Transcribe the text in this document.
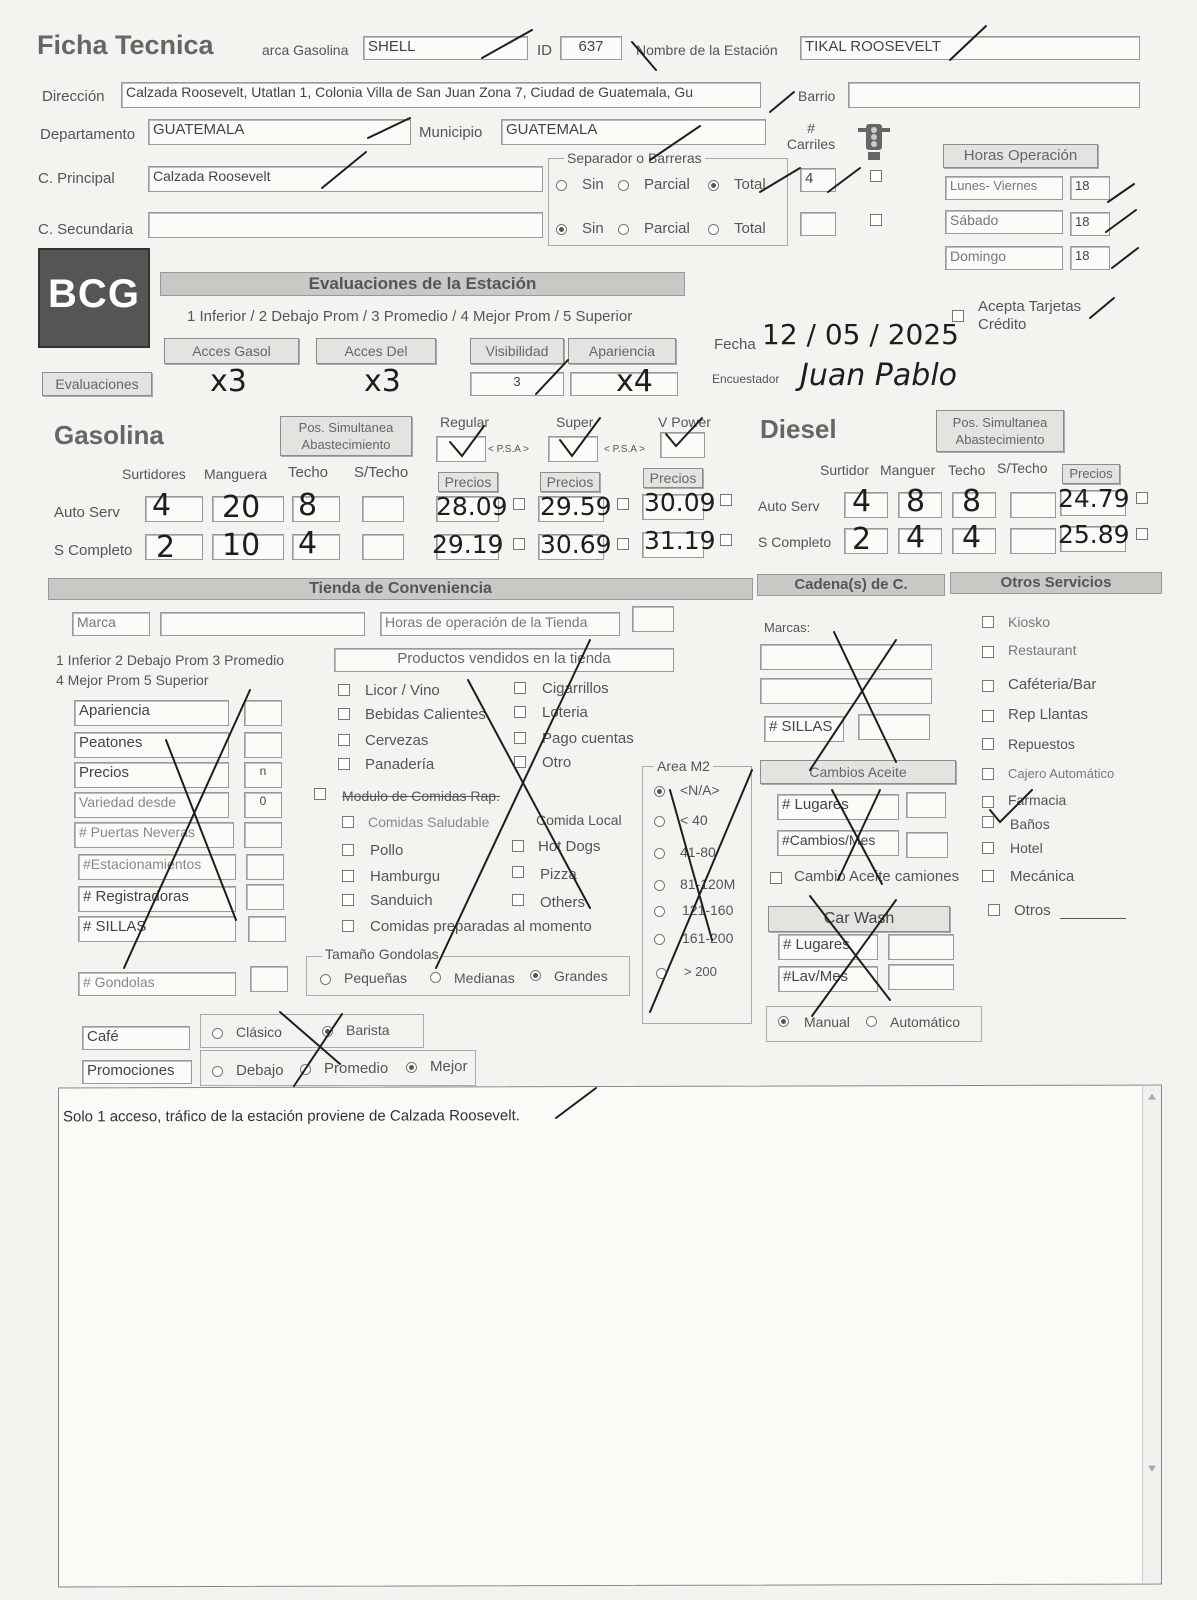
Ficha Tecnica	arca Gasolina	SHELL	ID	637	Nombre de la Estación	TIKAL ROOSEVELT
Dirección	Calzada Roosevelt, Utatlan 1, Colonia Villa de San Juan Zona 7, Ciudad de Guatemala, Gu	Barrio
Departamento	GUATEMALA	Municipio	GUATEMALA
C. Principal	Calzada Roosevelt
C. Secundaria
Separador o Barreras
Sin	Parcial	Total
Sin	Parcial	Total
# Carriles
4
Horas Operación
Lunes- Viernes	18
Sábado	18
Domingo	18
Acepta Tarjetas Crédito
BCG	Evaluaciones de la Estación
1 Inferior / 2 Debajo Prom / 3 Promedio / 4 Mejor Prom / 5 Superior
Evaluaciones
Acces Gasol
x3
Acces Del
x3
Visibilidad
3
Apariencia
x4
Fecha 12 / 05 / 2025
Encuestador Juan Pablo
Gasolina	Pos. Simultanea Abastecimiento
Regular	Super	V Power
< P.S.A >	< P.S.A >
Surtidores Manguera Techo S/Techo
Precios	Precios	Precios
Auto Serv 4 20 8	28.09 29.59 30.09
S Completo 2 10 4	29.19 30.69 31.19
Diesel	Pos. Simultanea Abastecimiento
Surtidor Manguer Techo S/Techo	Precios
Auto Serv 4 8 8	24.79
S Completo 2 4 4	25.89
Tienda de Conveniencia	Cadena(s) de C.	Otros Servicios
Marca	Horas de operación de la Tienda
1 Inferior 2 Debajo Prom 3 Promedio
4 Mejor Prom 5 Superior
Apariencia
Peatones
Precios	n
Variedad desde	0
# Puertas Neveras
#Estacionamientos
# Registradoras
# SILLAS
# Gondolas
Productos vendidos en la tienda
Licor / Vino
Bebidas Calientes
Cervezas
Panadería
Cigarrillos
Loteria
Pago cuentas
Otro
Modulo de Comidas Rap.
Comidas Saludable
Pollo
Hamburgu
Sanduich
Comida Local
Hot Dogs
Pizza
Others
Comidas preparadas al momento
Tamaño Gondolas
Pequeñas	Medianas	Grandes
Area M2
<N/A>
< 40
41-80
81-120M
121-160
161-200
> 200
Café	Clásico	Barista
Promociones	Debajo	Promedio	Mejor
Marcas:
# SILLAS
Cambios Aceite
# Lugares
#Cambios/Mes
Cambio Aceite camiones
Car Wash
# Lugares
#Lav/Mes
Manual	Automático
Kiosko
Restaurant
Caféteria/Bar
Rep Llantas
Repuestos
Cajero Automático
Farmacia
Baños
Hotel
Mecánica
Otros
Solo 1 acceso, tráfico de la estación proviene de Calzada Roosevelt.
